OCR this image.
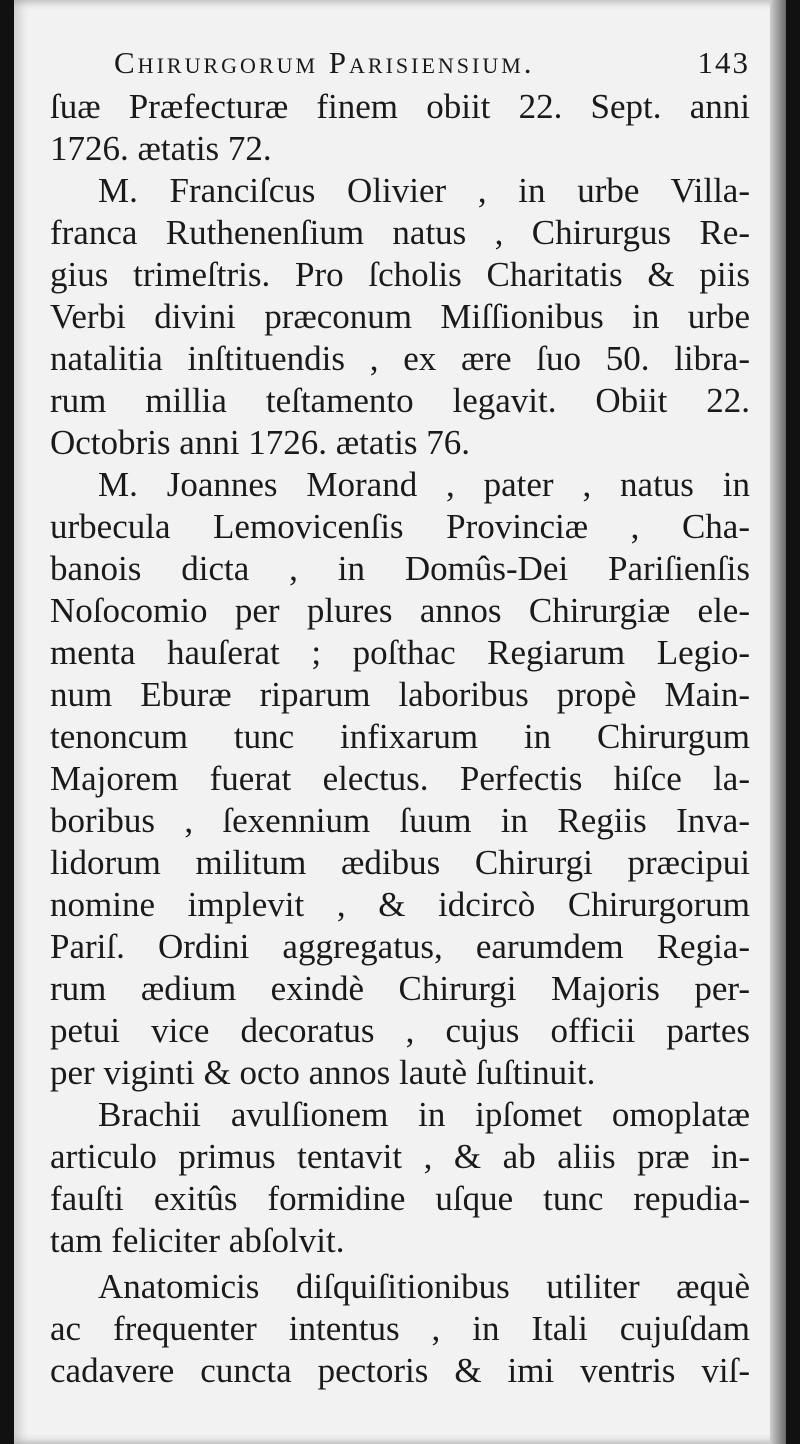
Chirurgorum Parisiensium.	143

ſuæ Præfecturæ finem obiit 22. Sept. anni
1726. ætatis 72.

M. Franciſcus Olivier , in urbe Villa-
franca Ruthenenſium natus , Chirurgus Re-
gius trimeſtris. Pro ſcholis Charitatis & piis
Verbi divini præconum Miſſionibus in urbe
natalitia inſtituendis , ex ære ſuo 50. libra-
rum millia teſtamento legavit. Obiit 22.
Octobris anni 1726. ætatis 76.

M. Joannes Morand , pater , natus in
urbecula Lemovicenſis Provinciæ , Cha-
banois dicta , in Domûs-Dei Pariſienſis
Noſocomio per plures annos Chirurgiæ ele-
menta hauſerat ; poſthac Regiarum Legio-
num Eburæ riparum laboribus propè Main-
tenoncum tunc infixarum in Chirurgum
Majorem fuerat electus. Perfectis hiſce la-
boribus , ſexennium ſuum in Regiis Inva-
lidorum militum ædibus Chirurgi præcipui
nomine implevit , & idcircò Chirurgorum
Pariſ. Ordini aggregatus, earumdem Regia-
rum ædium exindè Chirurgi Majoris per-
petui vice decoratus , cujus officii partes
per viginti & octo annos lautè ſuſtinuit.

Brachii avulſionem in ipſomet omoplatæ
articulo primus tentavit , & ab aliis præ in-
fauſti exitûs formidine uſque tunc repudia-
tam feliciter abſolvit.

Anatomicis diſquiſitionibus utiliter æquè
ac frequenter intentus , in Itali cujuſdam
cadavere cuncta pectoris & imi ventris viſ-
